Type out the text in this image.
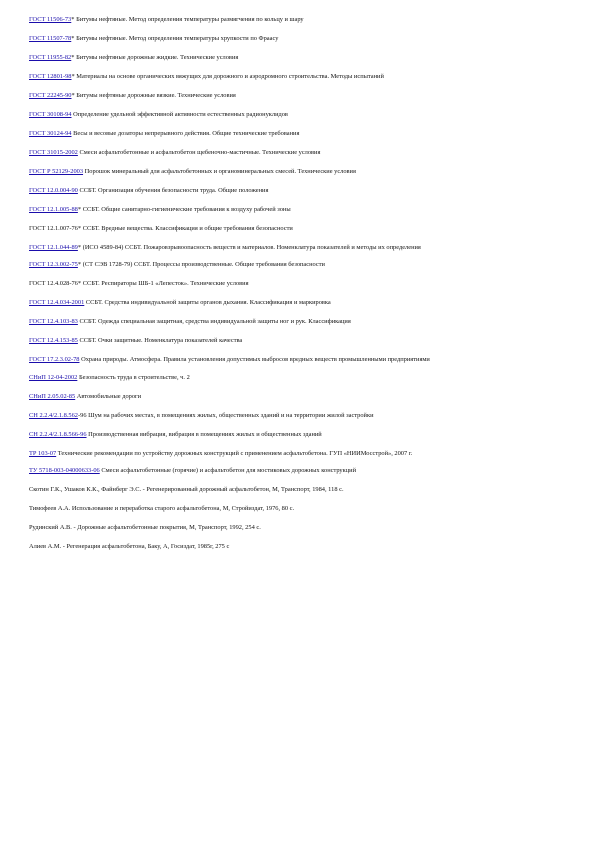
ГОСТ 11506-73* Битумы нефтяные. Метод определения температуры размягчения по кольцу и шару
ГОСТ 11507-78* Битумы нефтяные. Метод определения температуры хрупкости по Фраасу
ГОСТ 11955-82* Битумы нефтяные дорожные жидкие. Технические условия
ГОСТ 12801-98* Материалы на основе органических вяжущих для дорожного и аэродромного строительства. Методы испытаний
ГОСТ 22245-90* Битумы нефтяные дорожные вязкие. Технические условия
ГОСТ 30108-94 Определение удельной эффективной активности естественных радионуклидов
ГОСТ 30124-94 Весы и весовые дозаторы непрерывного действия. Общие технические требования
ГОСТ 31015-2002 Смеси асфальтобетонные и асфальтобетон щебеночно-мастичные. Технические условия
ГОСТ Р 52129-2003 Порошок минеральный для асфальтобетонных и органоминеральных смесей. Технические условия
ГОСТ 12.0.004-90 ССБТ. Организация обучения безопасности труда. Общие положения
ГОСТ 12.1.005-88* ССБТ. Общие санитарно-гигиенические требования к воздуху рабочей зоны
ГОСТ 12.1.007-76* ССБТ. Вредные вещества. Классификация и общие требования безопасности
ГОСТ 12.1.044-89* (ИСО 4589-84) ССБТ. Пожаровзрывоопасность веществ и материалов. Номенклатура показателей и методы их определения
ГОСТ 12.3.002-75* (СТ СЭВ 1728-79) ССБТ. Процессы производственные. Общие требования безопасности
ГОСТ 12.4.028-76* ССБТ. Респираторы ШБ-1 «Лепесток». Технические условия
ГОСТ 12.4.034-2001 ССБТ. Средства индивидуальной защиты органов дыхания. Классификация и маркировка
ГОСТ 12.4.103-83 ССБТ. Одежда специальная защитная, средства индивидуальной защиты ног и рук. Классификация
ГОСТ 12.4.153-85 ССБТ. Очки защитные. Номенклатура показателей качества
ГОСТ 17.2.3.02-78 Охрана природы. Атмосфера. Правила установления допустимых выбросов вредных веществ промышленными предприятиями
СНиП 12-04-2002 Безопасность труда в строительстве, ч. 2
СНиП 2.05.02-85 Автомобильные дороги
СН 2.2.4/2.1.8.562-96 Шум на рабочих местах, в помещениях жилых, общественных зданий и на территории жилой застройки
СН 2.2.4/2.1.8.566-96 Производственная вибрация, вибрация в помещениях жилых и общественных зданий
ТР 103-07 Технические рекомендации по устройству дорожных конструкций с применением асфальтобетона. ГУП «НИИМосстрой», 2007 г.
ТУ 5718-003-04000633-06 Смеси асфальтобетонные (горячие) и асфальтобетон для мостиковых дорожных конструкций
Скотин Г.К., Ушаков К.К., Файнберг Э.С. - Регенерированный дорожный асфальтобетон, М, Транспорт, 1984, 118 с.
Тимофеев А.А. Использование и переработка старого асфальтобетона, М, Стройиздат, 1976, 80 с.
Рудинский А.В. - Дорожные асфальтобетонные покрытия, М, Транспорт, 1992, 254 с.
Алиев А.М. - Регенерация асфальтобетона, Баку, А, Госиздат, 1985г, 275 с
